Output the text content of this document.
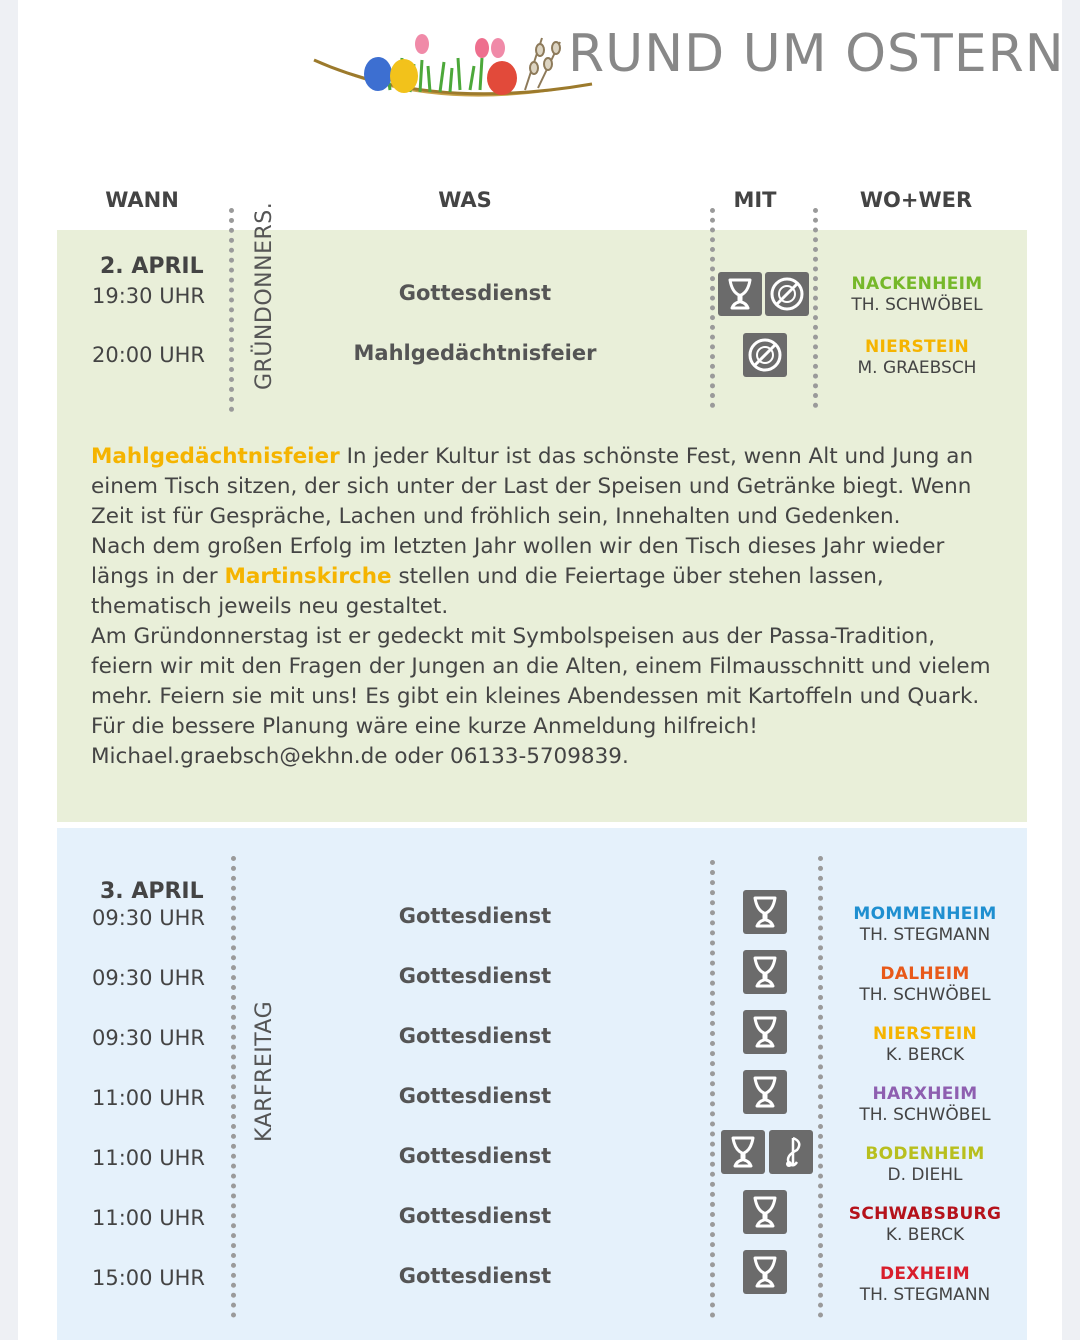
RUND UM OSTERN
WANN	WAS	MIT	WO+WER
2. APRIL GRÜNDONNERS.
19:30 UHR	Gottesdienst	NACKENHEIM
TH. SCHWÖBEL
20:00 UHR	Mahlgedächtnisfeier	NIERSTEIN
M. GRAEBSCH

Mahlgedächtnisfeier In jeder Kultur ist das schönste Fest, wenn Alt und Jung an einem Tisch sitzen, der sich unter der Last der Speisen und Getränke biegt. Wenn Zeit ist für Gespräche, Lachen und fröhlich sein, Innehalten und Gedenken.

Nach dem großen Erfolg im letzten Jahr wollen wir den Tisch dieses Jahr wieder längs in der Martinskirche stellen und die Feiertage über stehen lassen, thematisch jeweils neu gestaltet.

Am Gründonnerstag ist er gedeckt mit Symbolspeisen aus der Passa-Tradition, feiern wir mit den Fragen der Jungen an die Alten, einem Filmausschnitt und vielem mehr. Feiern sie mit uns! Es gibt ein kleines Abendessen mit Kartoffeln und Quark.

Für die bessere Planung wäre eine kurze Anmeldung hilfreich!

Michael.graebsch@ekhn.de oder 06133-5709839.

3. APRIL
KARFREITAG
09:30 UHR	Gottesdienst	MOMMENHEIM
TH. STEGMANN
09:30 UHR	Gottesdienst	DALHEIM
TH. SCHWÖBEL
09:30 UHR	Gottesdienst	NIERSTEIN
K. BERCK
11:00 UHR	Gottesdienst	HARXHEIM
TH. SCHWÖBEL
11:00 UHR	Gottesdienst	BODENHEIM
D. DIEHL
11:00 UHR	Gottesdienst	SCHWABSBURG
K. BERCK
15:00 UHR	Gottesdienst	DEXHEIM
TH. STEGMANN
